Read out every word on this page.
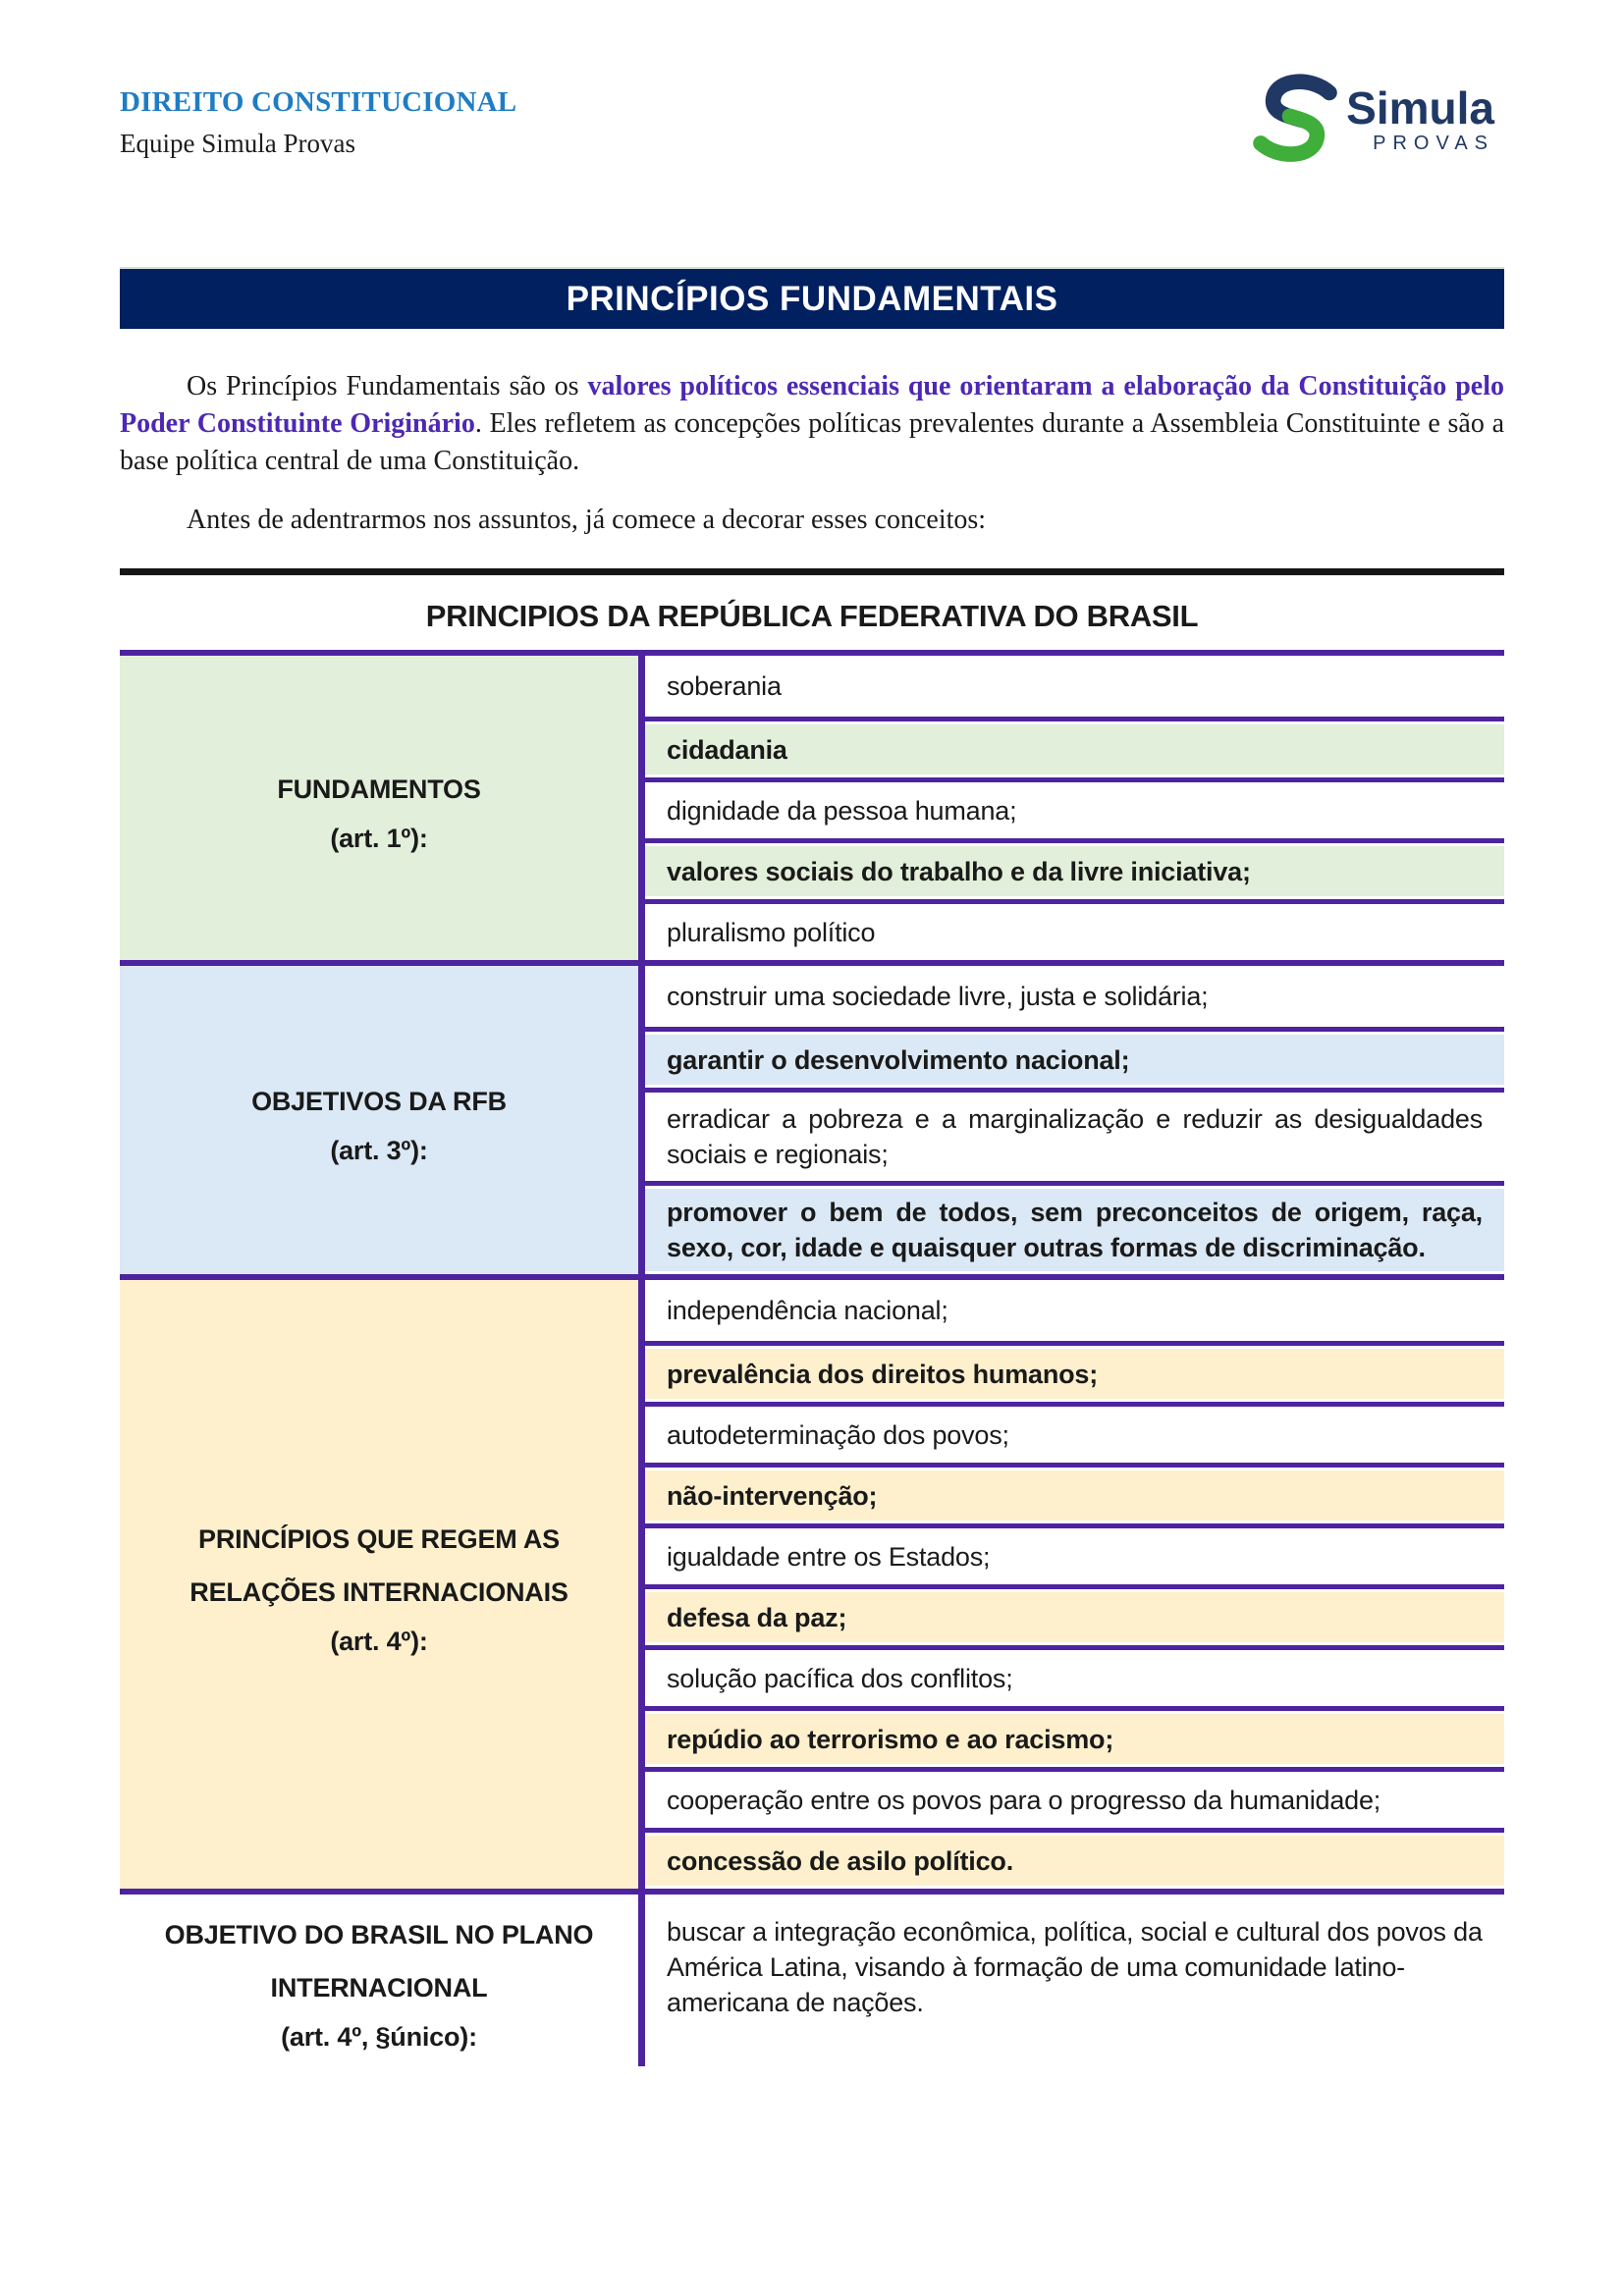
DIREITO CONSTITUCIONAL
Equipe Simula Provas
Simula
PROVAS
PRINCÍPIOS FUNDAMENTAIS

Os Princípios Fundamentais são os valores políticos essenciais que orientaram a elaboração da Constituição pelo Poder Constituinte Originário. Eles refletem as concepções políticas prevalentes durante a Assembleia Constituinte e são a base política central de uma Constituição.

Antes de adentrarmos nos assuntos, já comece a decorar esses conceitos:

PRINCIPIOS DA REPÚBLICA FEDERATIVA DO BRASIL
FUNDAMENTOS
(art. 1º):
soberania
cidadania
dignidade da pessoa humana;
valores sociais do trabalho e da livre iniciativa;
pluralismo político
OBJETIVOS DA RFB
(art. 3º):
construir uma sociedade livre, justa e solidária;
garantir o desenvolvimento nacional;
erradicar a pobreza e a marginalização e reduzir as desigualdades sociais e regionais;
promover o bem de todos, sem preconceitos de origem, raça, sexo, cor, idade e quaisquer outras formas de discriminação.
PRINCÍPIOS QUE REGEM AS
RELAÇÕES INTERNACIONAIS
(art. 4º):
independência nacional;
prevalência dos direitos humanos;
autodeterminação dos povos;
não-intervenção;
igualdade entre os Estados;
defesa da paz;
solução pacífica dos conflitos;
repúdio ao terrorismo e ao racismo;
cooperação entre os povos para o progresso da humanidade;
concessão de asilo político.
OBJETIVO DO BRASIL NO PLANO
INTERNACIONAL
(art. 4º, §único):
buscar a integração econômica, política, social e cultural dos povos da América Latina, visando à formação de uma comunidade latino-americana de nações.
